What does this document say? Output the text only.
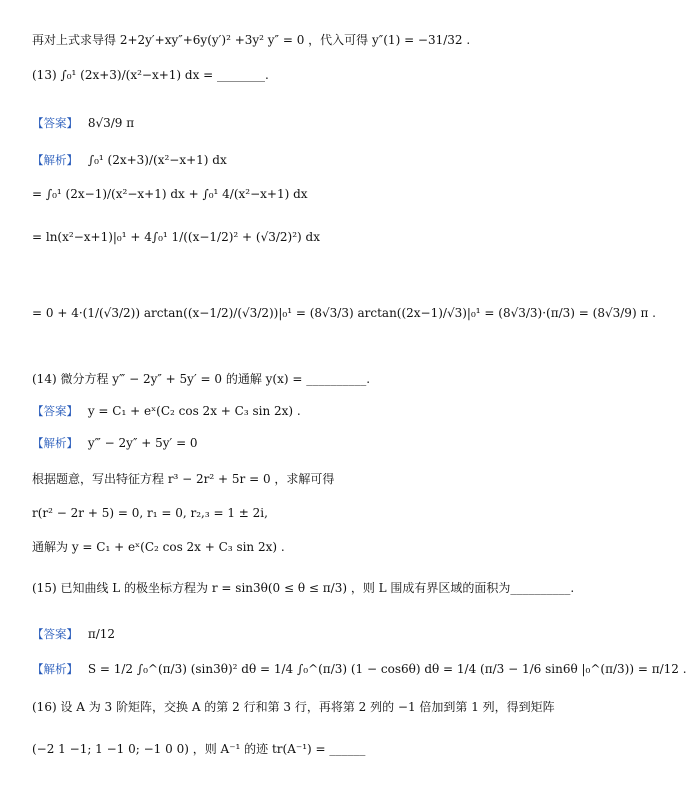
再对上式求导得 2+2y′+xy″+6y(y′)² +3y² y″ = 0 ，代入可得 y″(1) = −31/32 .
(13) ∫₀¹ (2x+3)/(x²−x+1) dx = ________.
【答案】 8√3/9 π
【解析】 ∫₀¹ (2x+3)/(x²−x+1) dx
= ∫₀¹ (2x−1)/(x²−x+1) dx + ∫₀¹ 4/(x²−x+1) dx
= ln(x²−x+1)|₀¹ + 4∫₀¹ 1/((x−1/2)² + (√3/2)²) dx
= 0 + 4·(1/(√3/2)) arctan((x−1/2)/(√3/2))|₀¹ = (8√3/3) arctan((2x−1)/√3)|₀¹ = (8√3/3)·(π/3) = (8√3/9) π .
(14) 微分方程 y‴ − 2y″ + 5y′ = 0 的通解 y(x) = __________.
【答案】 y = C₁ + eˣ(C₂ cos 2x + C₃ sin 2x) .
【解析】 y‴ − 2y″ + 5y′ = 0
根据题意，写出特征方程 r³ − 2r² + 5r = 0 ，求解可得
r(r² − 2r + 5) = 0, r₁ = 0, r₂,₃ = 1 ± 2i,
通解为 y = C₁ + eˣ(C₂ cos 2x + C₃ sin 2x) .
(15) 已知曲线 L 的极坐标方程为 r = sin3θ(0 ≤ θ ≤ π/3) ，则 L 围成有界区域的面积为__________.
【答案】 π/12
【解析】 S = 1/2 ∫₀^(π/3) (sin3θ)² dθ = 1/4 ∫₀^(π/3) (1 − cos6θ) dθ = 1/4 (π/3 − 1/6 sin6θ |₀^(π/3)) = π/12 .
(16) 设 A 为 3 阶矩阵，交换 A 的第 2 行和第 3 行，再将第 2 列的 −1 倍加到第 1 列，得到矩阵
(−2 1 −1; 1 −1 0; −1 0 0) ，则 A⁻¹ 的迹 tr(A⁻¹) = ______
